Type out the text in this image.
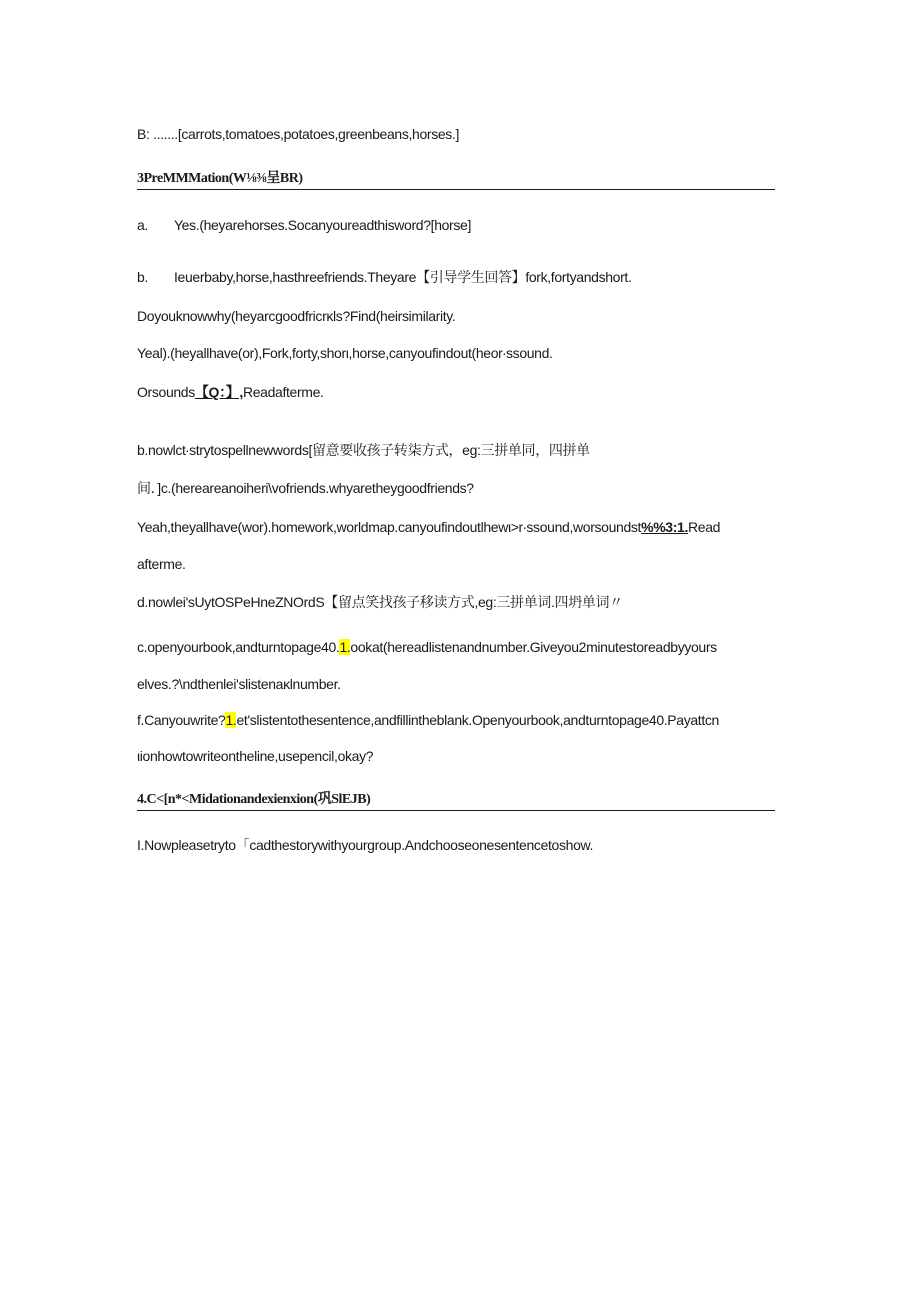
B: .......[carrots,tomatoes,potatoes,greenbeans,horses.]
3PreMMMation(W⅛⅜呈BR)
a. Yes.(heyarehorses.Socanyoureadthisword?[horse]
b. Ieuerbaby,horse,hasthreefriends.Theyare【引导学生回答】fork,fortyandshort.
Doyouknowwhy(heyarcgoodfricrκls?Find(heirsimilarity.
Yeal).(heyallhave(or),Fork,forty,shorι,horse,canyoufindout(heor∙ssound.
Orsounds【Q：】,Readafterme.
b.nowlct∙strytospellnewwords[留意要收孩子转柒方式，eg:三拼单同，四拼单
间．]c.(hereareanoiheri\vofriends.whyaretheygoodfriends?
Yeah,theyallhave(wor).homework,worldmap.canyoufindoutlhewι>r∙ssound,worsoundst%%3:1.Read
afterme.
d.nowlei'sUytOSPeHneZNOrdS【留点笑找孩子移读方式,eg:三拼单词.四坍单词〃
c.openyourbook,andturntopage40.1.ookat(hereadlistenandnumber.Giveyou2minutestoreadbyyours
elves.?\ndthenlei'slistenaκlnumber.
f.Canyouwrite?1.et'slistentothesentence,andfillintheblank.Openyourbook,andturntopage40.Payattcn
ιionhowtowriteontheline,usepencil,okay?
4.C<[n*<Midationandexienxion(巩SlEJB)
I.Nowpleasetryto「cadthestorywithyourgroup.Andchooseonesentencetoshow.
